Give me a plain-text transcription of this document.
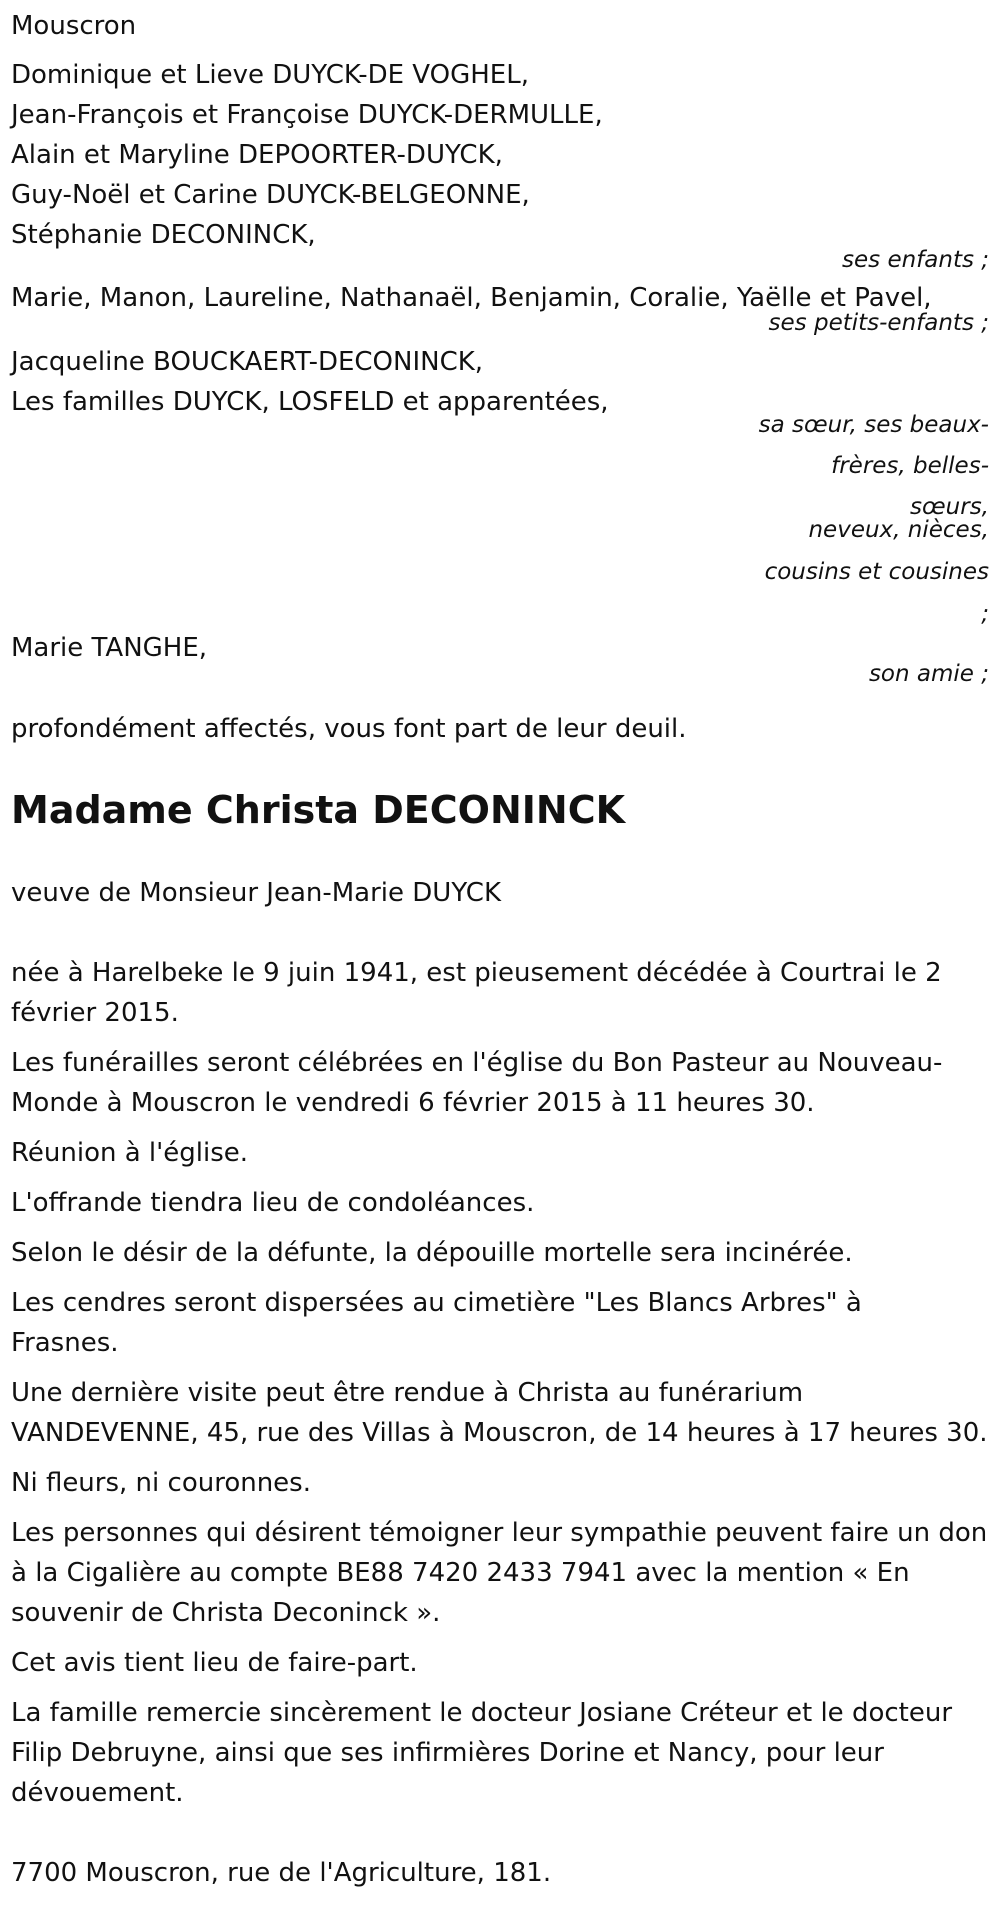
Mouscron
Dominique et Lieve DUYCK-DE VOGHEL,
Jean-François et Françoise DUYCK-DERMULLE,
Alain et Maryline DEPOORTER-DUYCK,
Guy-Noël et Carine DUYCK-BELGEONNE,
Stéphanie DECONINCK,
ses enfants ;
Marie, Manon, Laureline, Nathanaël, Benjamin, Coralie, Yaëlle et Pavel,
ses petits-enfants ;
Jacqueline BOUCKAERT-DECONINCK,
Les familles DUYCK, LOSFELD et apparentées,
sa sœur, ses beaux-
frères, belles-
sœurs,
neveux, nièces,
cousins et cousines
;
Marie TANGHE,
son amie ;
profondément affectés, vous font part de leur deuil.
Madame Christa DECONINCK
veuve de Monsieur Jean-Marie DUYCK

née à Harelbeke le 9 juin 1941, est pieusement décédée à Courtrai le 2 février 2015.

Les funérailles seront célébrées en l'église du Bon Pasteur au Nouveau-Monde à Mouscron le vendredi 6 février 2015 à 11 heures 30.

Réunion à l'église.

L'offrande tiendra lieu de condoléances.

Selon le désir de la défunte, la dépouille mortelle sera incinérée.

Les cendres seront dispersées au cimetière "Les Blancs Arbres" à Frasnes.

Une dernière visite peut être rendue à Christa au funérarium VANDEVENNE, 45, rue des Villas à Mouscron, de 14 heures à 17 heures 30.

Ni fleurs, ni couronnes.

Les personnes qui désirent témoigner leur sympathie peuvent faire un don à la Cigalière au compte BE88 7420 2433 7941 avec la mention « En souvenir de Christa Deconinck ».

Cet avis tient lieu de faire-part.

La famille remercie sincèrement le docteur Josiane Créteur et le docteur Filip Debruyne, ainsi que ses infirmières Dorine et Nancy, pour leur dévouement.

7700 Mouscron, rue de l'Agriculture, 181.
